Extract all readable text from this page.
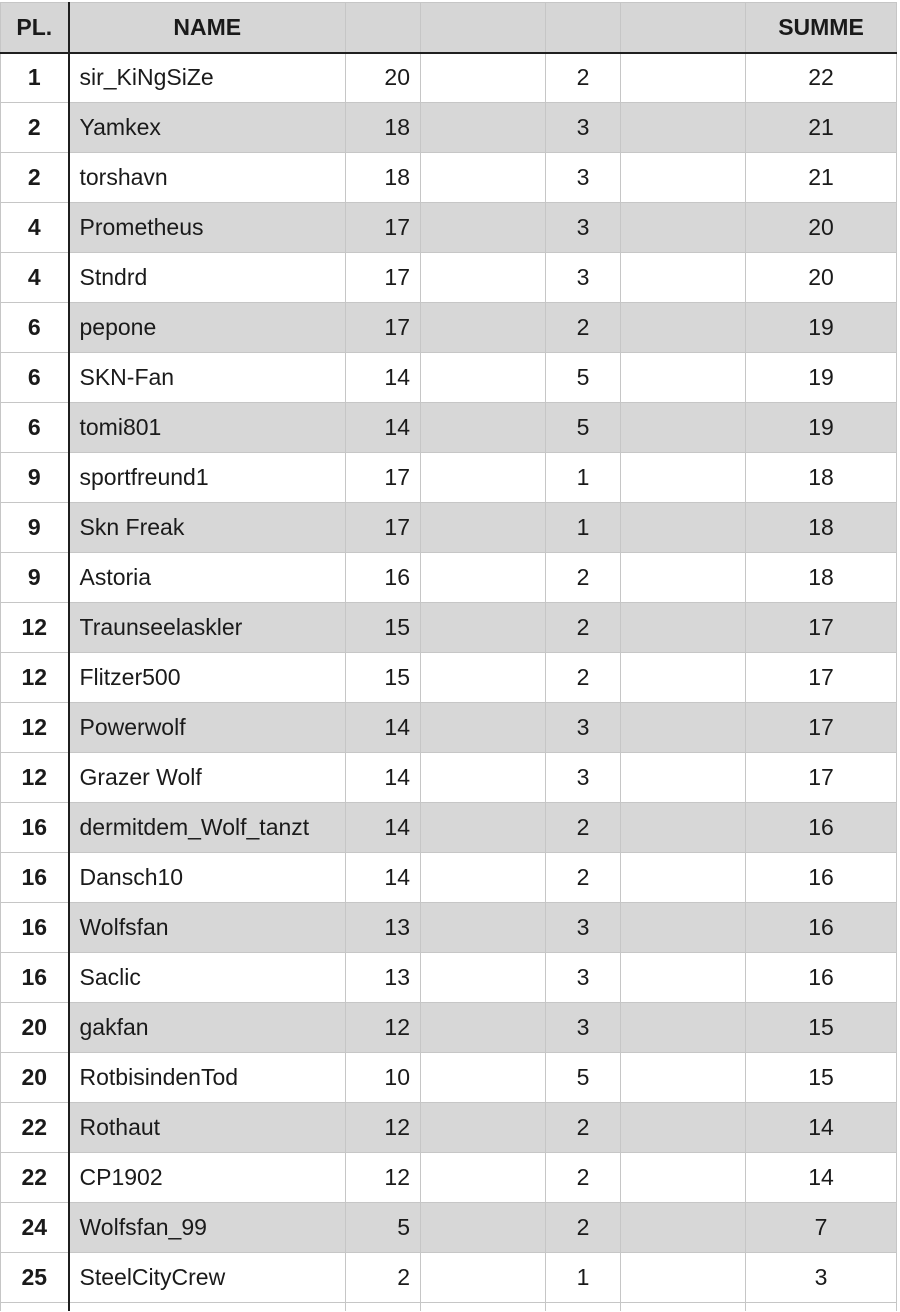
PL.	NAME					SUMME
1	sir_KiNgSiZe	20		2		22
2	Yamkex	18		3		21
2	torshavn	18		3		21
4	Prometheus	17		3		20
4	Stndrd	17		3		20
6	pepone	17		2		19
6	SKN-Fan	14		5		19
6	tomi801	14		5		19
9	sportfreund1	17		1		18
9	Skn Freak	17		1		18
9	Astoria	16		2		18
12	Traunseelaskler	15		2		17
12	Flitzer500	15		2		17
12	Powerwolf	14		3		17
12	Grazer Wolf	14		3		17
16	dermitdem_Wolf_tanzt	14		2		16
16	Dansch10	14		2		16
16	Wolfsfan	13		3		16
16	Saclic	13		3		16
20	gakfan	12		3		15
20	RotbisindenTod	10		5		15
22	Rothaut	12		2		14
22	CP1902	12		2		14
24	Wolfsfan_99	5		2		7
25	SteelCityCrew	2		1		3
